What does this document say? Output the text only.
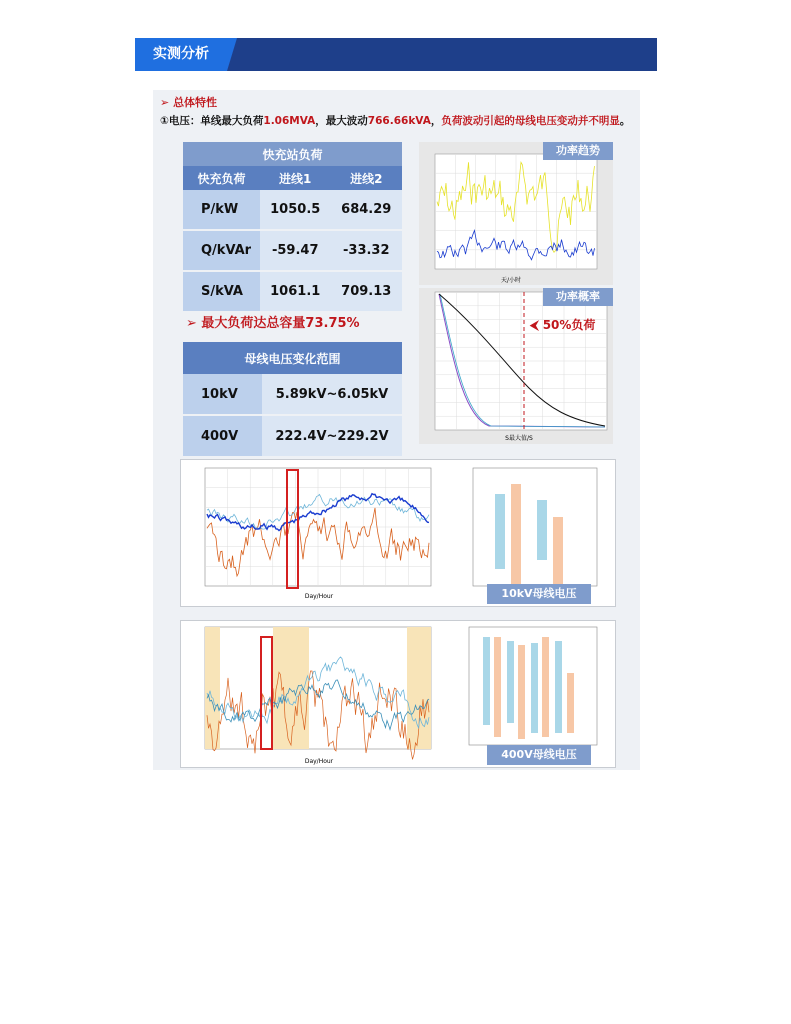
实测分析
➢ 总体特性
①电压：单线最大负荷1.06MVA，最大波动766.66kVA，负荷波动引起的母线电压变动并不明显。
快充站负荷		
快充负荷	进线1	进线2
P/kW	1050.5	684.29
Q/kVAr	-59.47	-33.32
S/kVA	1061.1	709.13
➢ 最大负荷达总容量73.75%
母线电压变化范围	
10kV	5.89kV~6.05kV
400V	222.4V~229.2V
天/小时
功率趋势
S最大值/S
功率概率
⮜ 50%负荷
Day/Hour	10kV母线电压
Day/Hour
400V母线电压
